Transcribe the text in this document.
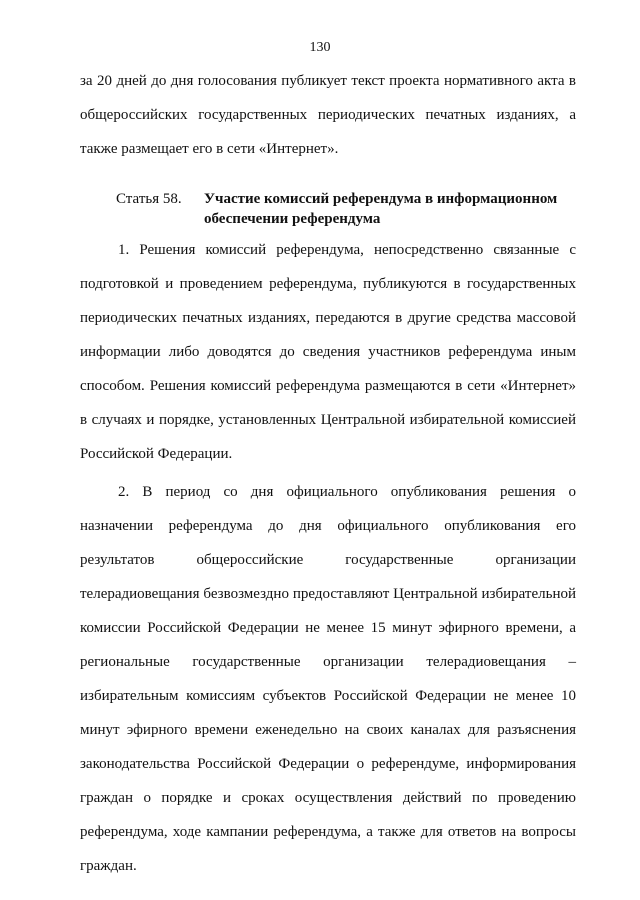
130

за 20 дней до дня голосования публикует текст проекта нормативного акта в общероссийских государственных периодических печатных изданиях, а также размещает его в сети «Интернет».

Статья 58. Участие комиссий референдума в информационном обеспечении референдума

1. Решения комиссий референдума, непосредственно связанные с подготовкой и проведением референдума, публикуются в государственных периодических печатных изданиях, передаются в другие средства массовой информации либо доводятся до сведения участников референдума иным способом. Решения комиссий референдума размещаются в сети «Интернет» в случаях и порядке, установленных Центральной избирательной комиссией Российской Федерации.

2. В период со дня официального опубликования решения о назначении референдума до дня официального опубликования его результатов общероссийские государственные организации телерадиовещания безвозмездно предоставляют Центральной избирательной комиссии Российской Федерации не менее 15 минут эфирного времени, а региональные государственные организации телерадиовещания – избирательным комиссиям субъектов Российской Федерации не менее 10 минут эфирного времени еженедельно на своих каналах для разъяснения законодательства Российской Федерации о референдуме, информирования граждан о порядке и сроках осуществления действий по проведению референдума, ходе кампании референдума, а также для ответов на вопросы граждан.
